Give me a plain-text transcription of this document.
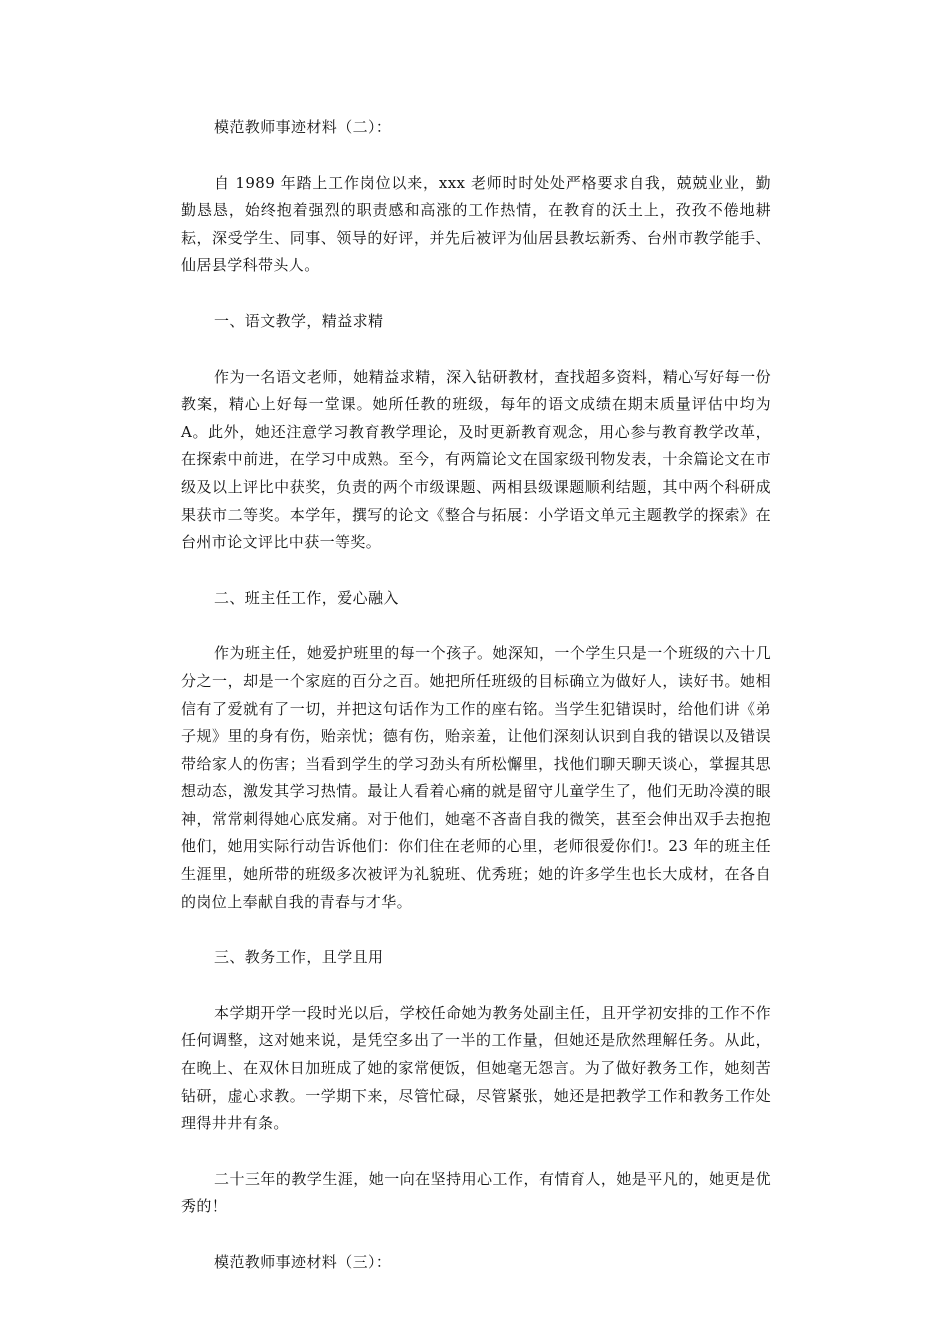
模范教师事迹材料（二）：

自 1989 年踏上工作岗位以来，xxx 老师时时处处严格要求自我，兢兢业业，勤勤恳恳，始终抱着强烈的职责感和高涨的工作热情，在教育的沃土上，孜孜不倦地耕耘，深受学生、同事、领导的好评，并先后被评为仙居县教坛新秀、台州市教学能手、仙居县学科带头人。

一、语文教学，精益求精

作为一名语文老师，她精益求精，深入钻研教材，查找超多资料，精心写好每一份教案，精心上好每一堂课。她所任教的班级，每年的语文成绩在期末质量评估中均为 A。此外，她还注意学习教育教学理论，及时更新教育观念，用心参与教育教学改革，在探索中前进，在学习中成熟。至今，有两篇论文在国家级刊物发表，十余篇论文在市级及以上评比中获奖，负责的两个市级课题、两相县级课题顺利结题，其中两个科研成果获市二等奖。本学年，撰写的论文《整合与拓展：小学语文单元主题教学的探索》在台州市论文评比中获一等奖。

二、班主任工作，爱心融入

作为班主任，她爱护班里的每一个孩子。她深知，一个学生只是一个班级的六十几分之一，却是一个家庭的百分之百。她把所任班级的目标确立为做好人，读好书。她相信有了爱就有了一切，并把这句话作为工作的座右铭。当学生犯错误时，给他们讲《弟子规》里的身有伤，贻亲忧；德有伤，贻亲羞，让他们深刻认识到自我的错误以及错误带给家人的伤害；当看到学生的学习劲头有所松懈里，找他们聊天聊天谈心，掌握其思想动态，激发其学习热情。最让人看着心痛的就是留守儿童学生了，他们无助冷漠的眼神，常常刺得她心底发痛。对于他们，她毫不吝啬自我的微笑，甚至会伸出双手去抱抱他们，她用实际行动告诉他们：你们住在老师的心里，老师很爱你们!。23 年的班主任生涯里，她所带的班级多次被评为礼貌班、优秀班；她的许多学生也长大成材，在各自的岗位上奉献自我的青春与才华。

三、教务工作，且学且用

本学期开学一段时光以后，学校任命她为教务处副主任，且开学初安排的工作不作任何调整，这对她来说，是凭空多出了一半的工作量，但她还是欣然理解任务。从此，在晚上、在双休日加班成了她的家常便饭，但她毫无怨言。为了做好教务工作，她刻苦钻研，虚心求教。一学期下来，尽管忙碌，尽管紧张，她还是把教学工作和教务工作处理得井井有条。

二十三年的教学生涯，她一向在坚持用心工作，有情育人，她是平凡的，她更是优秀的！

模范教师事迹材料（三）：
